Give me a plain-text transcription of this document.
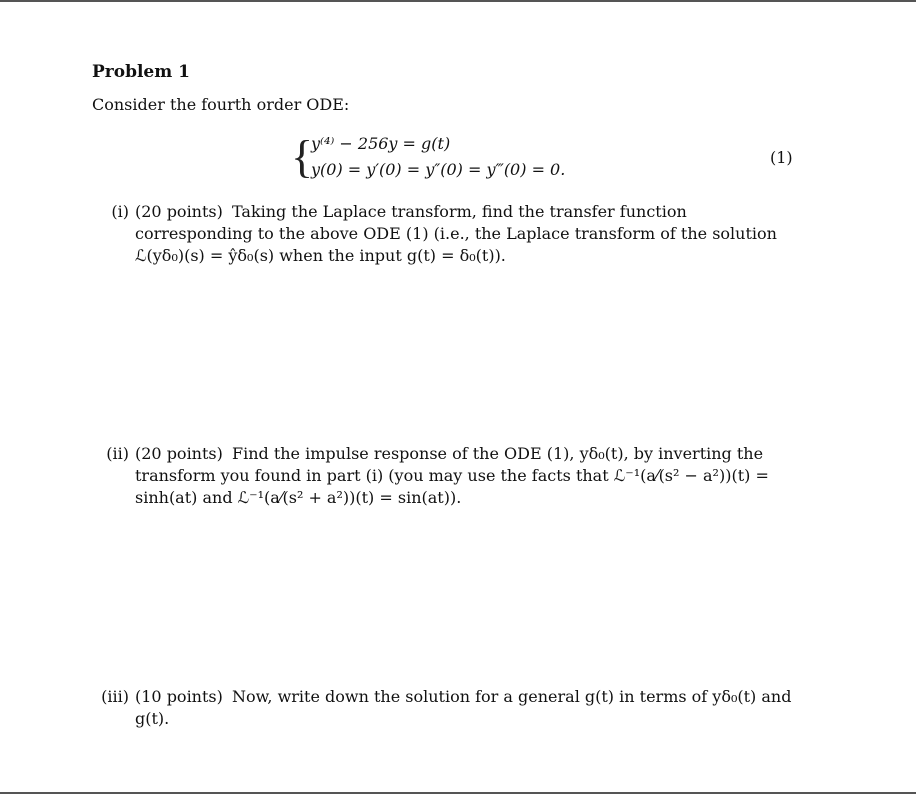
Problem 1
Consider the fourth order ODE:
{
y⁽⁴⁾ − 256y = g(t)
y(0) = y′(0) = y″(0) = y‴(0) = 0.
(1)
(i) (20 points) Taking the Laplace transform, find the transfer function corresponding to the above ODE (1) (i.e., the Laplace transform of the solution ℒ(yδ₀)(s) = ŷδ₀(s) when the input g(t) = δ₀(t)).
(ii) (20 points) Find the impulse response of the ODE (1), yδ₀(t), by inverting the transform you found in part (i) (you may use the facts that ℒ⁻¹(a⁄(s² − a²))(t) = sinh(at) and ℒ⁻¹(a⁄(s² + a²))(t) = sin(at)).
(iii) (10 points) Now, write down the solution for a general g(t) in terms of yδ₀(t) and g(t).
